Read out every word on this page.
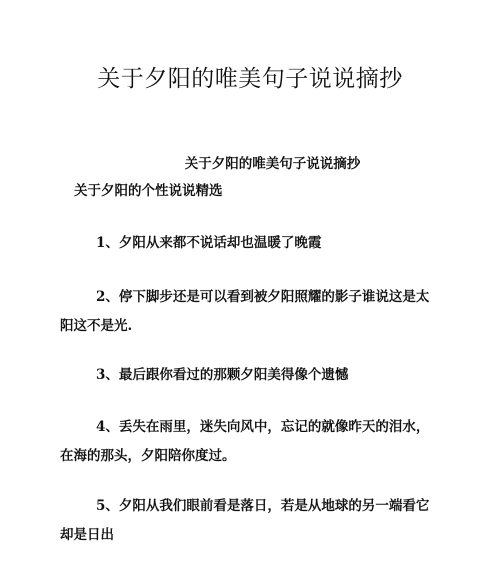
关于夕阳的唯美句子说说摘抄
关于夕阳的唯美句子说说摘抄
关于夕阳的个性说说精选

1、夕阳从来都不说话却也温暖了晚霞

2、停下脚步还是可以看到被夕阳照耀的影子谁说这是太阳这不是光.

3、最后跟你看过的那颗夕阳美得像个遗憾

4、丢失在雨里，迷失向风中，忘记的就像昨天的泪水，在海的那头，夕阳陪你度过。

5、夕阳从我们眼前看是落日，若是从地球的另一端看它却是日出
